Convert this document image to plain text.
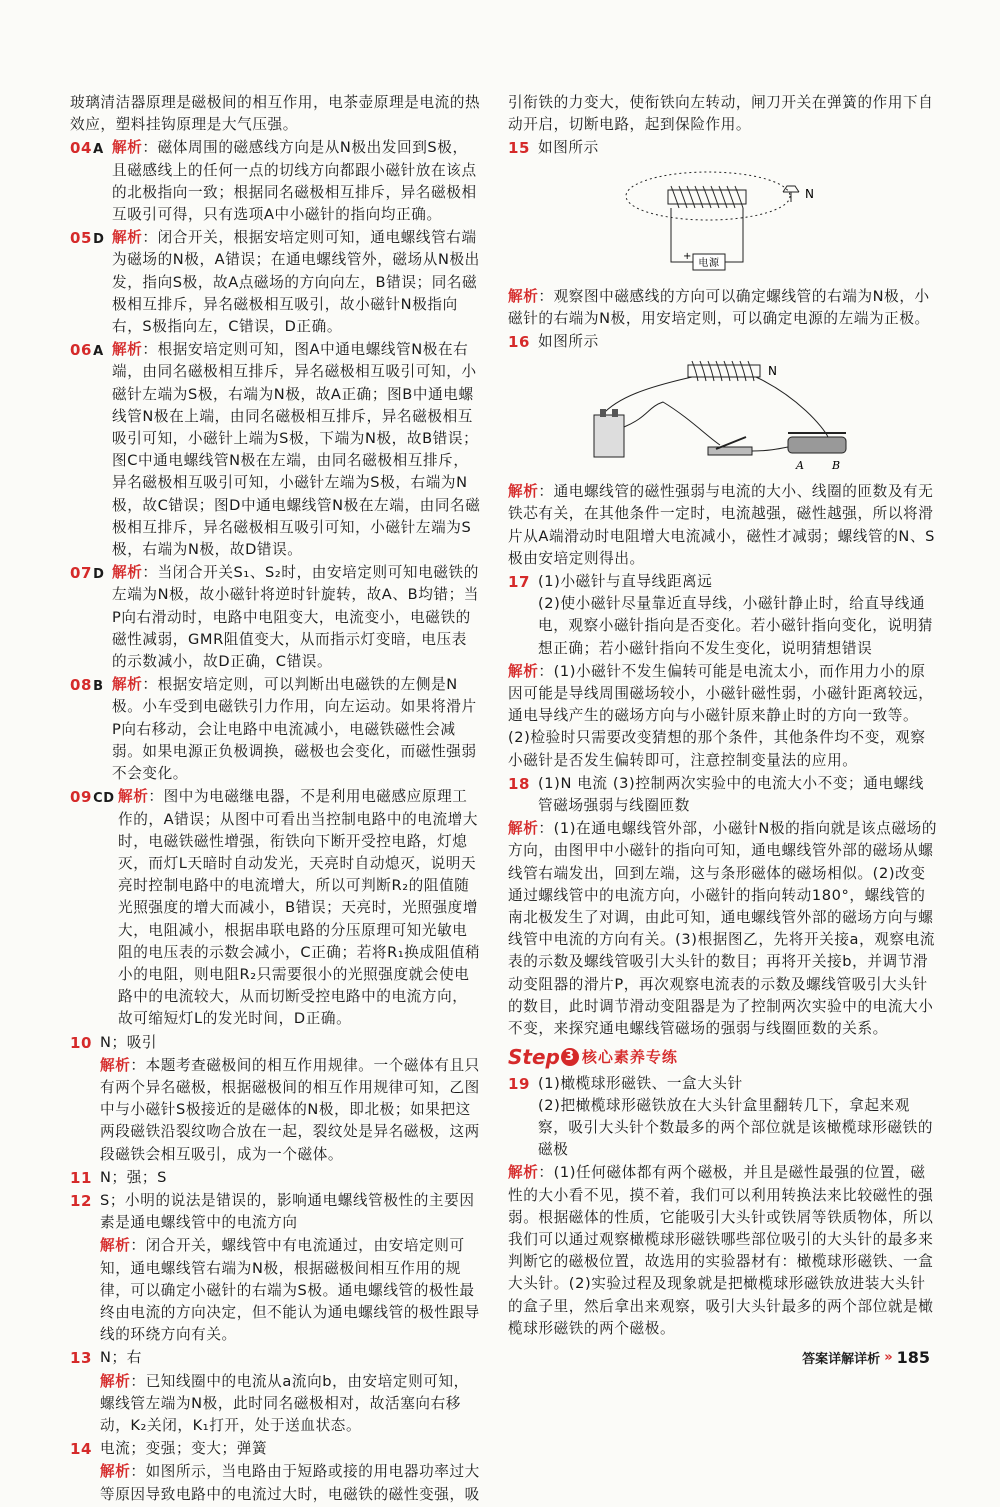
玻璃清洁器原理是磁极间的相互作用，电茶壶原理是电流的热效应，塑料挂钩原理是大气压强。
04A 解析：磁体周围的磁感线方向是从N极出发回到S极，且磁感线上的任何一点的切线方向都跟小磁针放在该点的北极指向一致；根据同名磁极相互排斥，异名磁极相互吸引可得，只有选项A中小磁针的指向均正确。
05D 解析：闭合开关，根据安培定则可知，通电螺线管右端为磁场的N极，A错误；在通电螺线管外，磁场从N极出发，指向S极，故A点磁场的方向向左，B错误；同名磁极相互排斥，异名磁极相互吸引，故小磁针N极指向右，S极指向左，C错误，D正确。
06A 解析：根据安培定则可知，图A中通电螺线管N极在右端，由同名磁极相互排斥，异名磁极相互吸引可知，小磁针左端为S极，右端为N极，故A正确；图B中通电螺线管N极在上端，由同名磁极相互排斥，异名磁极相互吸引可知，小磁针上端为S极，下端为N极，故B错误；图C中通电螺线管N极在左端，由同名磁极相互排斥，异名磁极相互吸引可知，小磁针左端为S极，右端为N极，故C错误；图D中通电螺线管N极在左端，由同名磁极相互排斥，异名磁极相互吸引可知，小磁针左端为S极，右端为N极，故D错误。
07D 解析：当闭合开关S₁、S₂时，由安培定则可知电磁铁的左端为N极，故小磁针将逆时针旋转，故A、B均错；当P向右滑动时，电路中电阻变大，电流变小，电磁铁的磁性减弱，GMR阻值变大，从而指示灯变暗，电压表的示数减小，故D正确，C错误。
08B 解析：根据安培定则，可以判断出电磁铁的左侧是N极。小车受到电磁铁引力作用，向左运动。如果将滑片P向右移动，会让电路中电流减小，电磁铁磁性会减弱。如果电源正负极调换，磁极也会变化，而磁性强弱不会变化。
09CD 解析：图中为电磁继电器，不是利用电磁感应原理工作的，A错误；从图中可看出当控制电路中的电流增大时，电磁铁磁性增强，衔铁向下断开受控电路，灯熄灭，而灯L天暗时自动发光，天亮时自动熄灭，说明天亮时控制电路中的电流增大，所以可判断R₂的阻值随光照强度的增大而减小，B错误；天亮时，光照强度增大，电阻减小，根据串联电路的分压原理可知光敏电阻的电压表的示数会减小，C正确；若将R₁换成阻值稍小的电阻，则电阻R₂只需要很小的光照强度就会使电路中的电流较大，从而切断受控电路中的电流方向，故可缩短灯L的发光时间，D正确。
10 N；吸引
解析：本题考查磁极间的相互作用规律。一个磁体有且只有两个异名磁极，根据磁极间的相互作用规律可知，乙图中与小磁针S极接近的是磁体的N极，即北极；如果把这两段磁铁沿裂纹吻合放在一起，裂纹处是异名磁极，这两段磁铁会相互吸引，成为一个磁体。
11 N；强；S
12 S；小明的说法是错误的，影响通电螺线管极性的主要因素是通电螺线管中的电流方向
解析：闭合开关，螺线管中有电流通过，由安培定则可知，通电螺线管右端为N极，根据磁极间相互作用的规律，可以确定小磁针的右端为S极。通电螺线管的极性最终由电流的方向决定，但不能认为通电螺线管的极性跟导线的环绕方向有关。
13 N；右
解析：已知线圈中的电流从a流向b，由安培定则可知，螺线管左端为N极，此时同名磁极相对，故活塞向右移动，K₂关闭，K₁打开，处于送血状态。
14 电流；变强；变大；弹簧
解析：如图所示，当电路由于短路或接的用电器功率过大等原因导致电路中的电流过大时，电磁铁的磁性变强，吸
引衔铁的力变大，使衔铁向左转动，闸刀开关在弹簧的作用下自动开启，切断电路，起到保险作用。
15 如图所示
电源
+
N
解析：观察图中磁感线的方向可以确定螺线管的右端为N极，小磁针的右端为N极，用安培定则，可以确定电源的左端为正极。
16 如图所示
N
A B
解析：通电螺线管的磁性强弱与电流的大小、线圈的匝数及有无铁芯有关，在其他条件一定时，电流越强，磁性越强，所以将滑片从A端滑动时电阻增大电流减小，磁性才减弱；螺线管的N、S极由安培定则得出。
17 (1)小磁针与直导线距离远
(2)使小磁针尽量靠近直导线，小磁针静止时，给直导线通电，观察小磁针指向是否变化。若小磁针指向变化，说明猜想正确；若小磁针指向不发生变化，说明猜想错误
解析：(1)小磁针不发生偏转可能是电流太小，而作用力小的原因可能是导线周围磁场较小，小磁针磁性弱，小磁针距离较远，通电导线产生的磁场方向与小磁针原来静止时的方向一致等。(2)检验时只需要改变猜想的那个条件，其他条件均不变，观察小磁针是否发生偏转即可，注意控制变量法的应用。
18 (1)N 电流 (3)控制两次实验中的电流大小不变；通电螺线管磁场强弱与线圈匝数
解析：(1)在通电螺线管外部，小磁针N极的指向就是该点磁场的方向，由图甲中小磁针的指向可知，通电螺线管外部的磁场从螺线管右端发出，回到左端，这与条形磁体的磁场相似。(2)改变通过螺线管中的电流方向，小磁针的指向转动180°，螺线管的南北极发生了对调，由此可知，通电螺线管外部的磁场方向与螺线管中电流的方向有关。(3)根据图乙，先将开关接a，观察电流表的示数及螺线管吸引大头针的数目；再将开关接b，并调节滑动变阻器的滑片P，再次观察电流表的示数及螺线管吸引大头针的数目，此时调节滑动变阻器是为了控制两次实验中的电流大小不变，来探究通电螺线管磁场的强弱与线圈匝数的关系。
Step 3 核心素养专练
19 (1)橄榄球形磁铁、一盒大头针
(2)把橄榄球形磁铁放在大头针盒里翻转几下，拿起来观察，吸引大头针个数最多的两个部位就是该橄榄球形磁铁的磁极
解析：(1)任何磁体都有两个磁极，并且是磁性最强的位置，磁性的大小看不见，摸不着，我们可以利用转换法来比较磁性的强弱。根据磁体的性质，它能吸引大头针或铁屑等铁质物体，所以我们可以通过观察橄榄球形磁铁哪些部位吸引的大头针的最多来判断它的磁极位置，故选用的实验器材有：橄榄球形磁铁、一盒大头针。(2)实验过程及现象就是把橄榄球形磁铁放进装大头针的盒子里，然后拿出来观察，吸引大头针最多的两个部位就是橄榄球形磁铁的两个磁极。
答案详解详析 » 185
